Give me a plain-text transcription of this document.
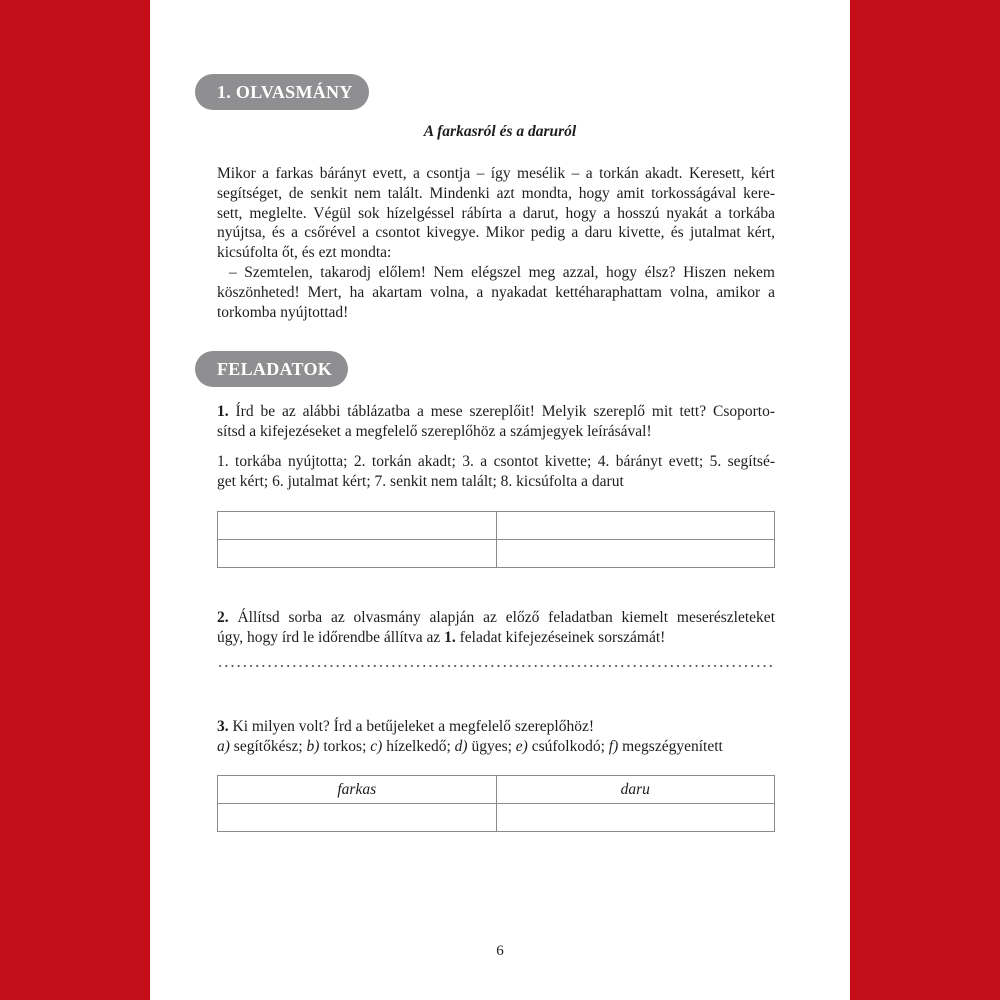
1. OLVASMÁNY
A farkasról és a daruról
Mikor a farkas bárányt evett, a csontja – így mesélik – a torkán akadt. Keresett, kért
segítséget, de senkit nem talált. Mindenki azt mondta, hogy amit torkosságával kere-
sett, meglelte. Végül sok hízelgéssel rábírta a darut, hogy a hosszú nyakát a torkába
nyújtsa, és a csőrével a csontot kivegye. Mikor pedig a daru kivette, és jutalmat kért,
kicsúfolta őt, és ezt mondta:
– Szemtelen, takarodj előlem! Nem elégszel meg azzal, hogy élsz? Hiszen nekem
köszönheted! Mert, ha akartam volna, a nyakadat kettéharaphattam volna, amikor a
torkomba nyújtottad!
FELADATOK
1. Írd be az alábbi táblázatba a mese szereplőit! Melyik szereplő mit tett? Csoporto-
sítsd a kifejezéseket a megfelelő szereplőhöz a számjegyek leírásával!
1. torkába nyújtotta; 2. torkán akadt; 3. a csontot kivette; 4. bárányt evett; 5. segítsé-
get kért; 6. jutalmat kért; 7. senkit nem talált; 8. kicsúfolta a darut

2. Állítsd sorba az olvasmány alapján az előző feladatban kiemelt meserészleteket
úgy, hogy írd le időrendbe állítva az 1. feladat kifejezéseinek sorszámát!
3. Ki milyen volt? Írd a betűjeleket a megfelelő szereplőhöz!
a) segítőkész; b) torkos; c) hízelkedő; d) ügyes; e) csúfolkodó; f) megszégyenített
farkas	daru

6
